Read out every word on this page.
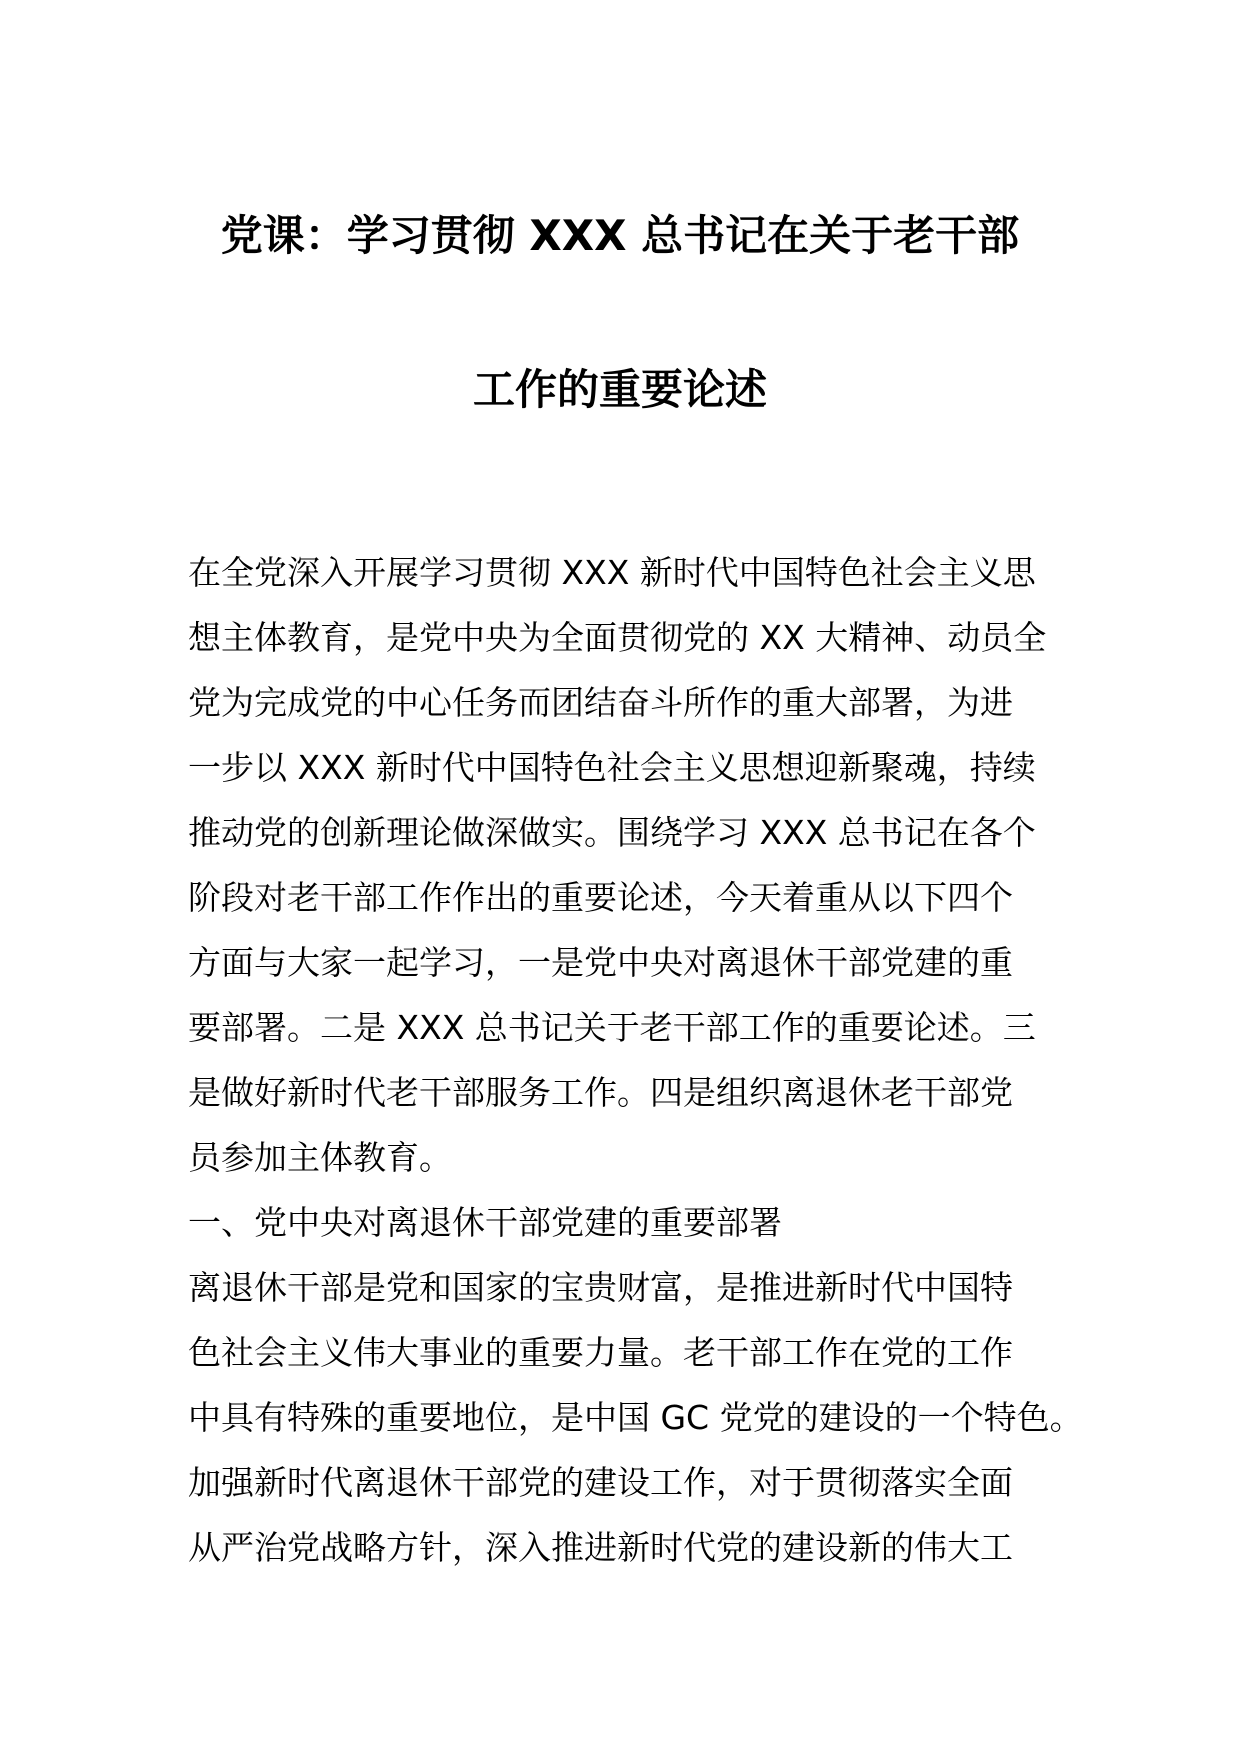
党课：学习贯彻 XXX 总书记在关于老干部
工作的重要论述
在全党深入开展学习贯彻 XXX 新时代中国特色社会主义思
想主体教育，是党中央为全面贯彻党的 XX 大精神、动员全
党为完成党的中心任务而团结奋斗所作的重大部署，为进
一步以 XXX 新时代中国特色社会主义思想迎新聚魂，持续
推动党的创新理论做深做实。围绕学习 XXX 总书记在各个
阶段对老干部工作作出的重要论述，今天着重从以下四个
方面与大家一起学习，一是党中央对离退休干部党建的重
要部署。二是 XXX 总书记关于老干部工作的重要论述。三
是做好新时代老干部服务工作。四是组织离退休老干部党
员参加主体教育。
一、党中央对离退休干部党建的重要部署
离退休干部是党和国家的宝贵财富，是推进新时代中国特
色社会主义伟大事业的重要力量。老干部工作在党的工作
中具有特殊的重要地位，是中国 GC 党党的建设的一个特色。
加强新时代离退休干部党的建设工作，对于贯彻落实全面
从严治党战略方针，深入推进新时代党的建设新的伟大工
